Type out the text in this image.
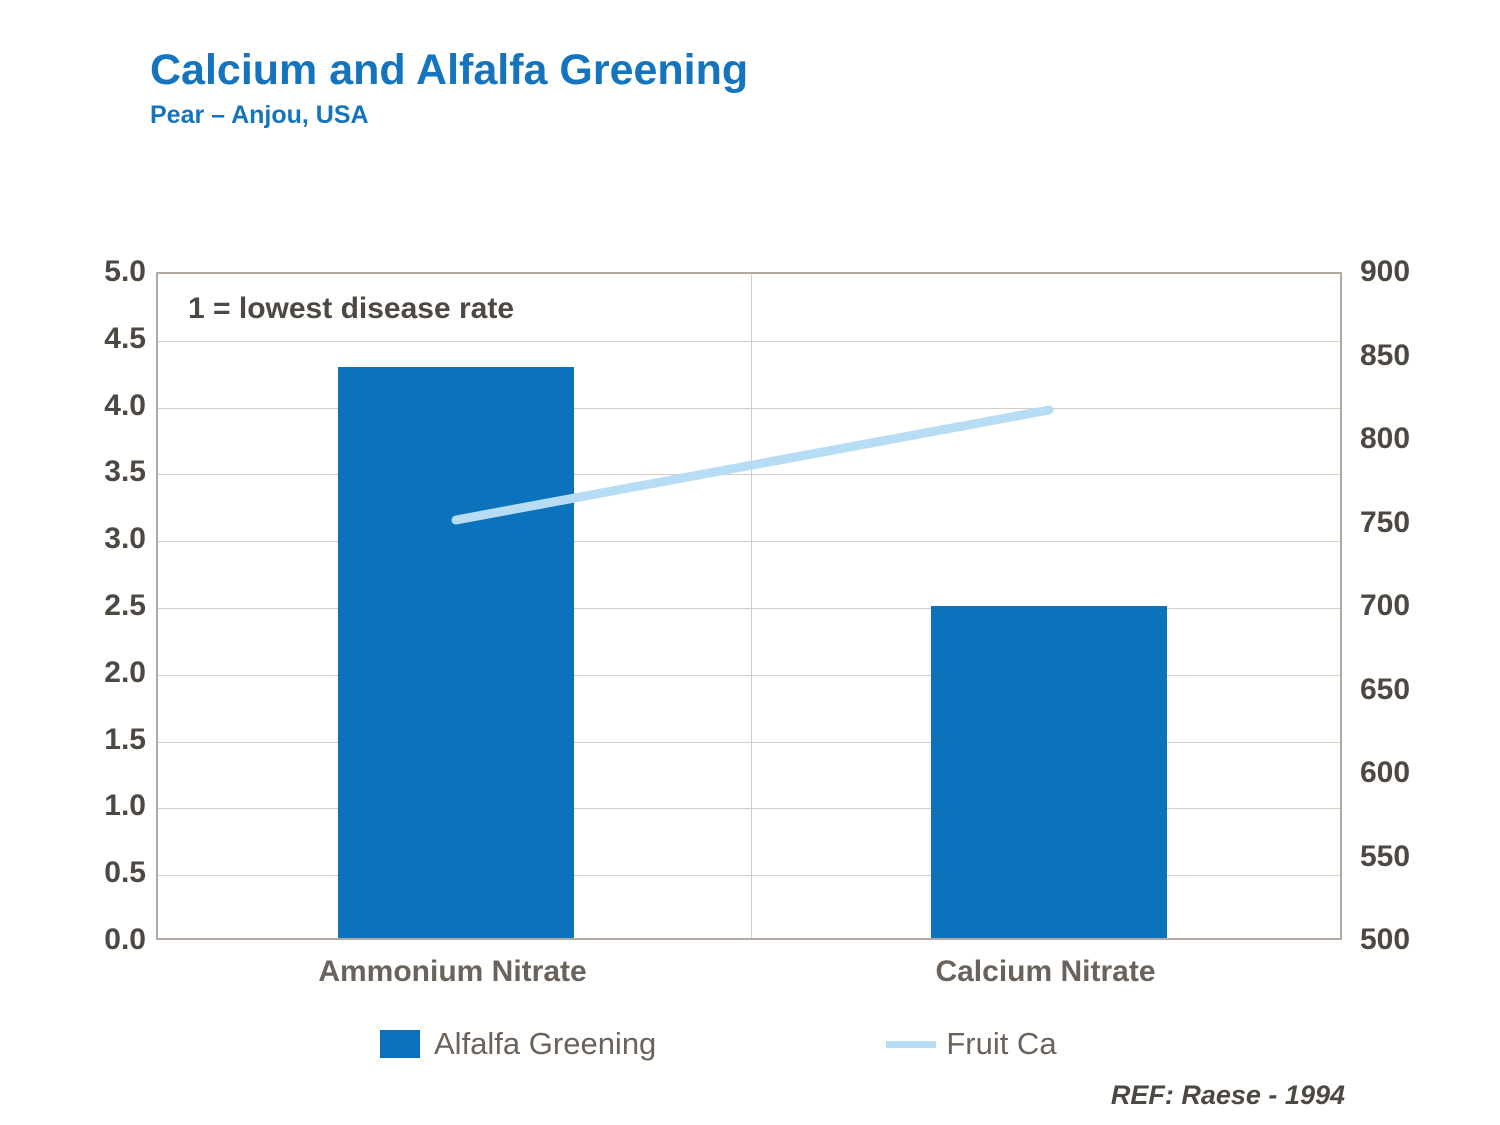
Calcium and Alfalfa Greening
Pear – Anjou, USA
0.0
0.5
1.0
1.5
2.0
2.5
3.0
3.5
4.0
4.5
5.0
500
550
600
650
700
750
800
850
900
1 = lowest disease rate
Ammonium Nitrate	Calcium Nitrate
Alfalfa Greening	Fruit Ca
REF: Raese - 1994
